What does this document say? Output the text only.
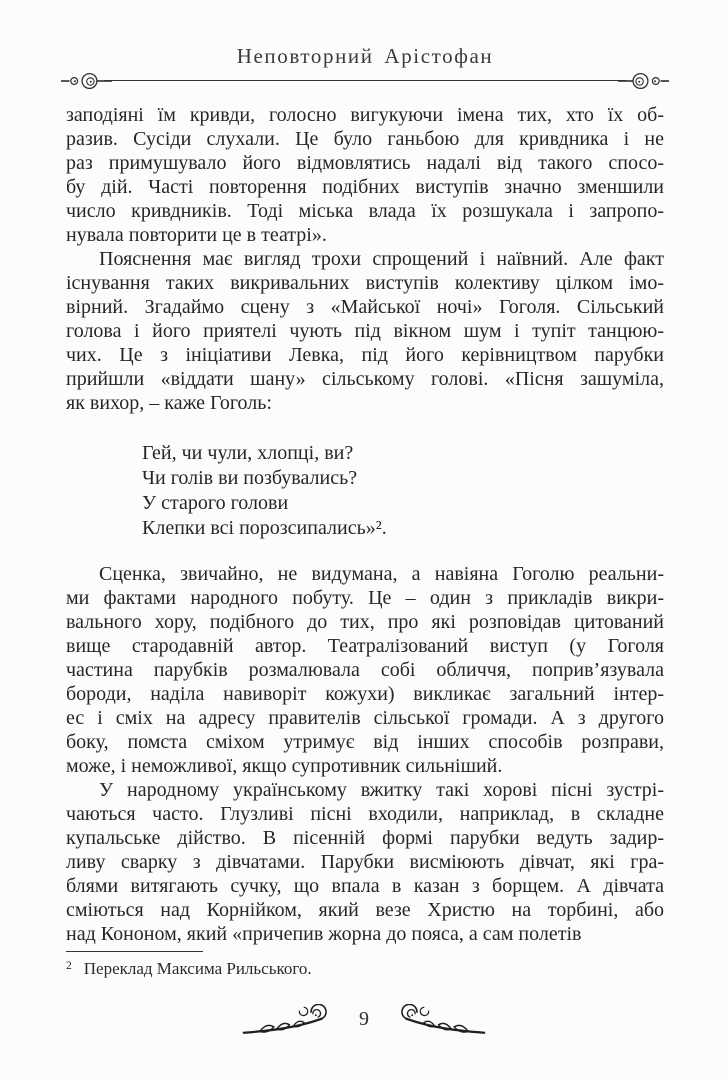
Неповторний Арістофан
заподіяні їм кривди, голосно вигукуючи імена тих, хто їх об-
разив. Сусіди слухали. Це було ганьбою для кривдника і не
раз примушувало його відмовлятись надалі від такого спосо-
бу дій. Часті повторення подібних виступів значно зменшили
число кривдників. Тоді міська влада їх розшукала і запропо-
нувала повторити це в театрі».
Пояснення має вигляд трохи спрощений і наївний. Але факт
існування таких викривальних виступів колективу цілком імо-
вірний. Згадаймо сцену з «Майської ночі» Гоголя. Сільський
голова і його приятелі чують під вікном шум і тупіт танцюю-
чих. Це з ініціативи Левка, під його керівництвом парубки
прийшли «віддати шану» сільському голові. «Пісня зашуміла,
як вихор, – каже Гоголь:
Гей, чи чули, хлопці, ви?
Чи голів ви позбувались?
У старого голови
Клепки всі порозсипались»².
Сценка, звичайно, не видумана, а навіяна Гоголю реальни-
ми фактами народного побуту. Це – один з прикладів викри-
вального хору, подібного до тих, про які розповідав цитований
вище стародавній автор. Театралізований виступ (у Гоголя
частина парубків розмалювала собі обличчя, поприв’язувала
бороди, наділа навиворіт кожухи) викликає загальний інтер-
ес і сміх на адресу правителів сільської громади. А з другого
боку, помста сміхом утримує від інших способів розправи,
може, і неможливої, якщо супротивник сильніший.
У народному українському вжитку такі хорові пісні зустрі-
чаються часто. Глузливі пісні входили, наприклад, в складне
купальське дійство. В пісенній формі парубки ведуть задир-
ливу сварку з дівчатами. Парубки висміюють дівчат, які гра-
блями витягають сучку, що впала в казан з борщем. А дівчата
сміються над Корнійком, який везе Христю на торбині, або
над Кононом, який «причепив жорна до пояса, а сам полетів
2 Переклад Максима Рильського.
9
